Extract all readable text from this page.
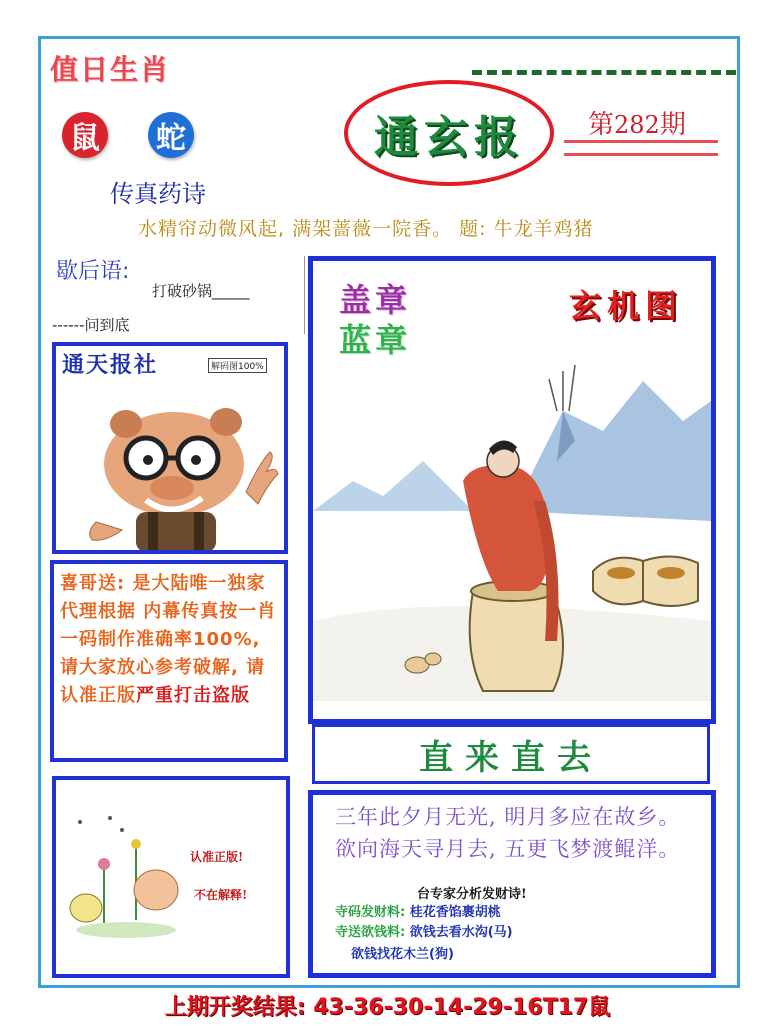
值日生肖
鼠 蛇
传真药诗
通玄报 第282期
水精帘动微风起, 满架蔷薇一院香。 题: 牛龙羊鸡猪
歇后语:
打破砂锅_____
------问到底
通天报社	解码图100%
喜哥送: 是大陆唯一独家代理根据 内幕传真按一肖一码制作准确率100%,请大家放心参考破解, 请认准正版严重打击盗版
认准正版!
不在解释!
盖章
蓝章
玄机图
直来直去
三年此夕月无光, 明月多应在故乡。
欲向海天寻月去, 五更飞梦渡鲲洋。
台专家分析发财诗!
寺码发财料: 桂花香馅裹胡桃
寺送欲钱料: 欲钱去看水沟(马)
欲钱找花木兰(狗)
上期开奖结果: 43-36-30-14-29-16T17鼠
